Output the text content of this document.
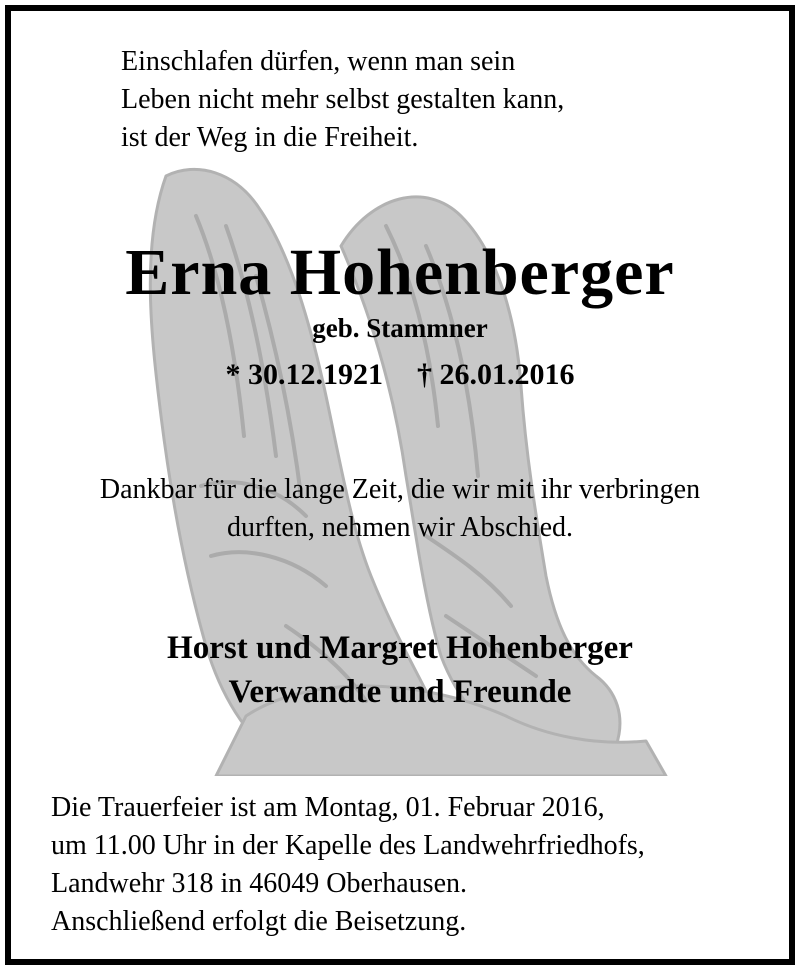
Einschlafen dürfen, wenn man sein
Leben nicht mehr selbst gestalten kann,
ist der Weg in die Freiheit.
Erna Hohenberger
geb. Stammner
* 30.12.1921 † 26.01.2016
Dankbar für die lange Zeit, die wir mit ihr verbringen
durften, nehmen wir Abschied.
Horst und Margret Hohenberger
Verwandte und Freunde
Die Trauerfeier ist am Montag, 01. Februar 2016,
um 11.00 Uhr in der Kapelle des Landwehrfriedhofs,
Landwehr 318 in 46049 Oberhausen.
Anschließend erfolgt die Beisetzung.
